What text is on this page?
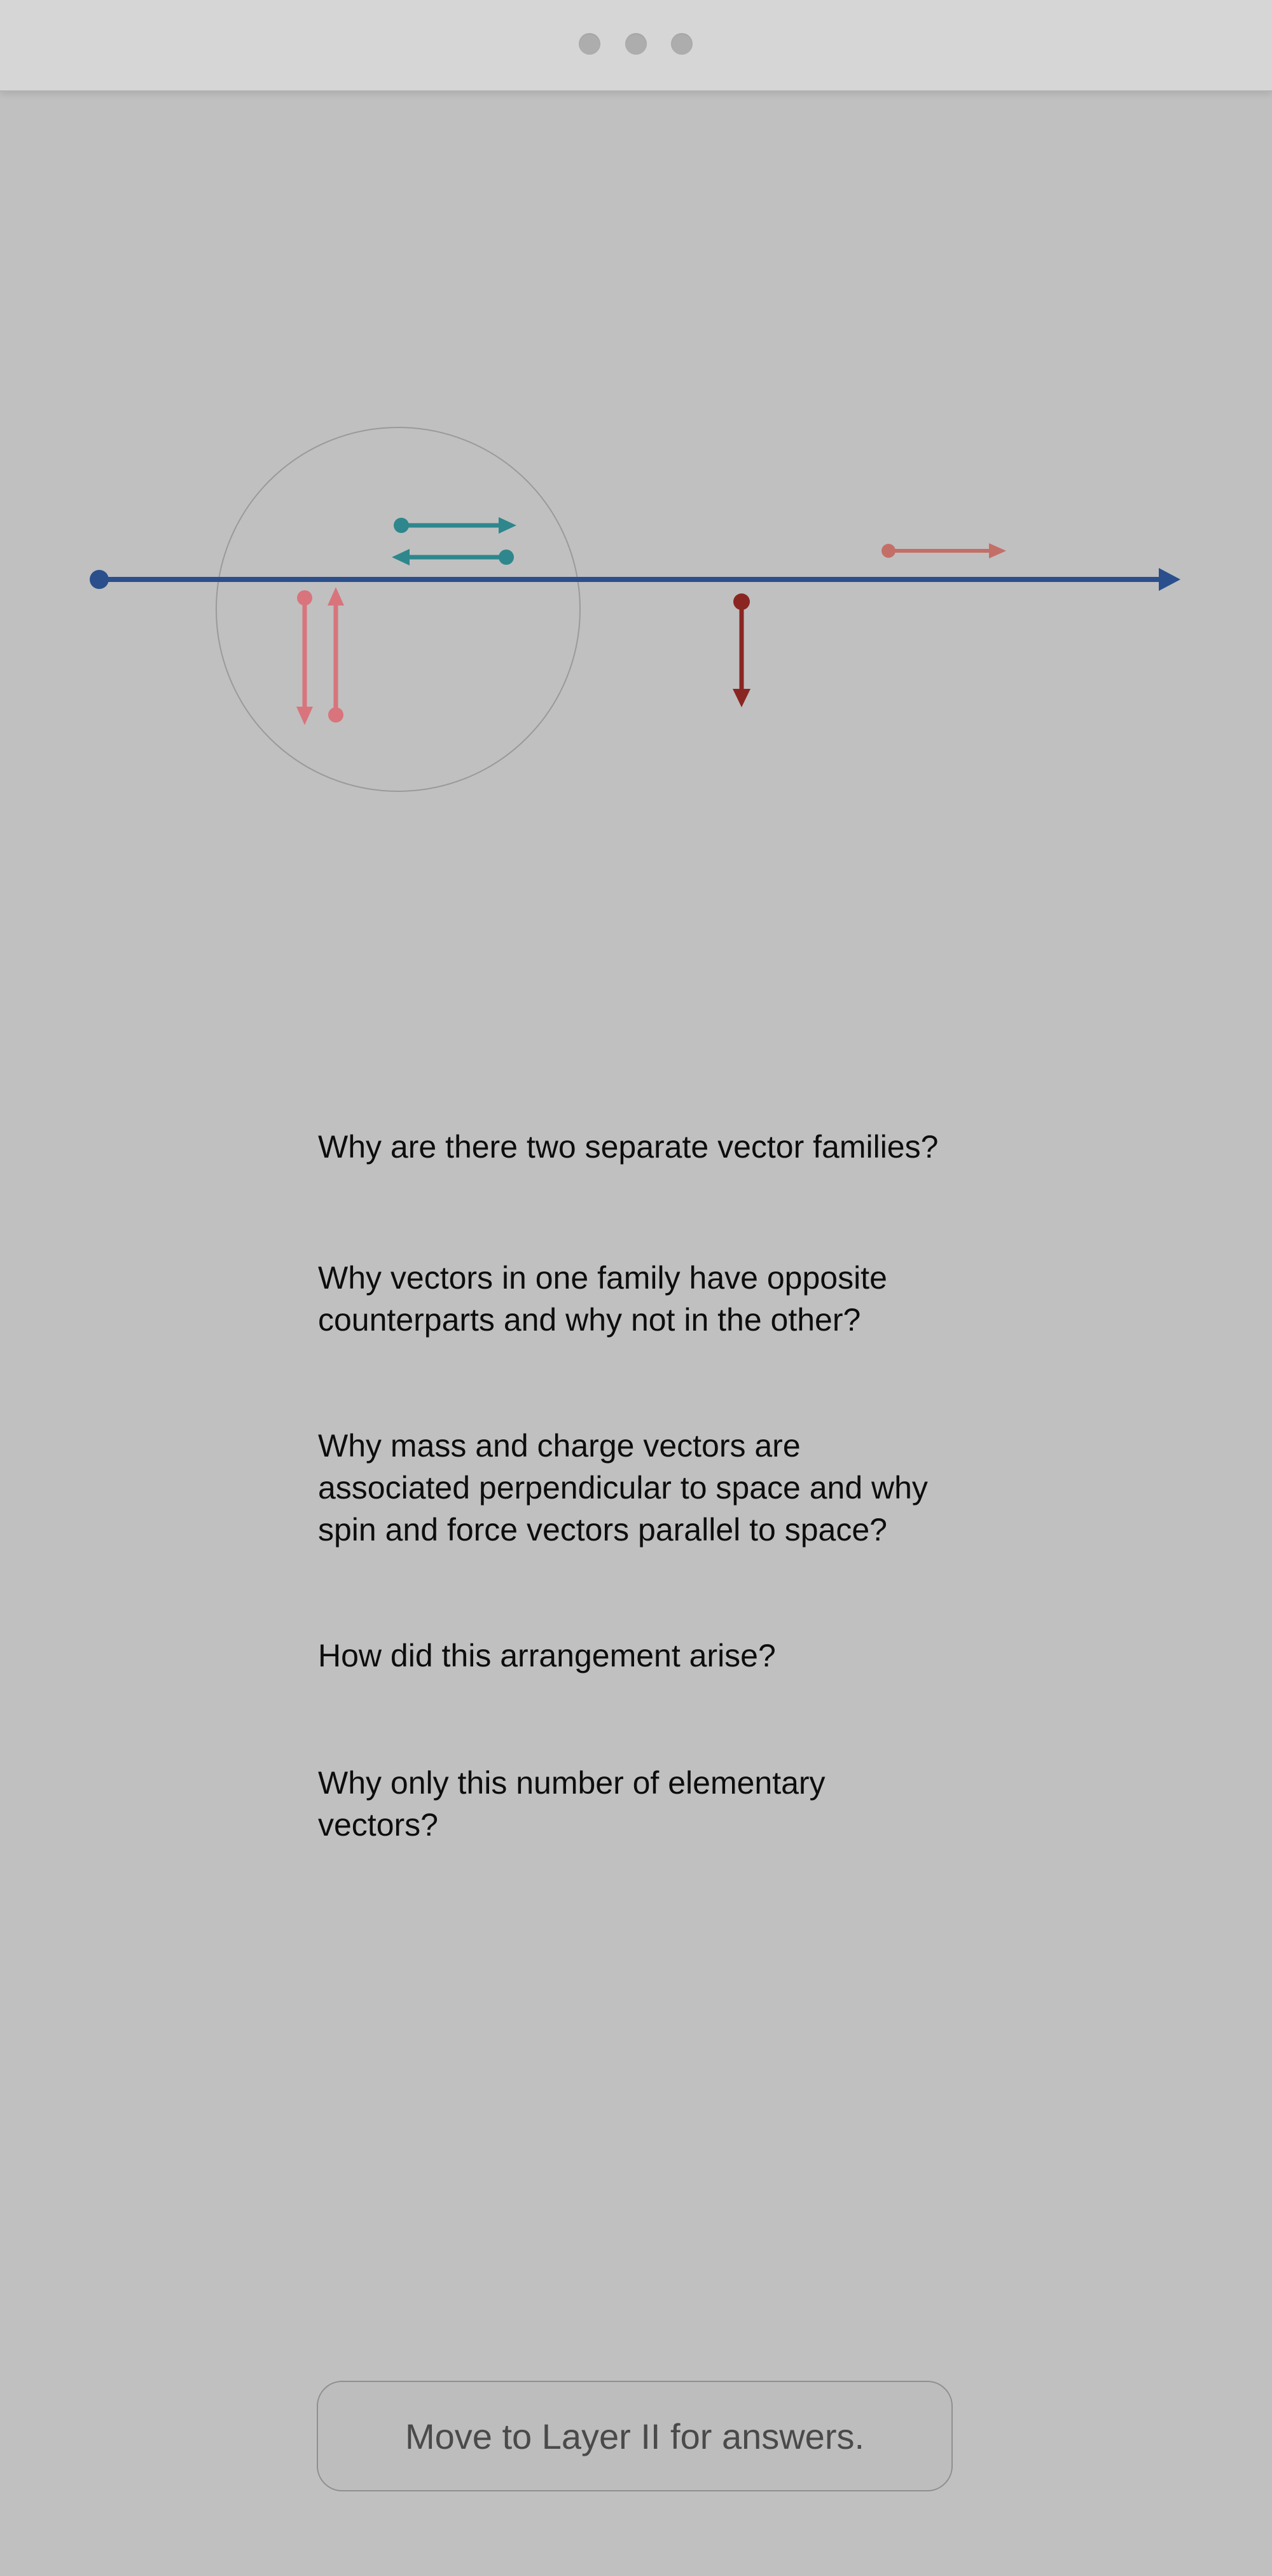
Why are there two separate vector families?

Why vectors in one family have opposite counterparts and why not in the other?

Why mass and charge vectors are associated perpendicular to space and why spin and force vectors parallel to space?

How did this arrangement arise?

Why only this number of elementary vectors?

Move to Layer II for answers.
